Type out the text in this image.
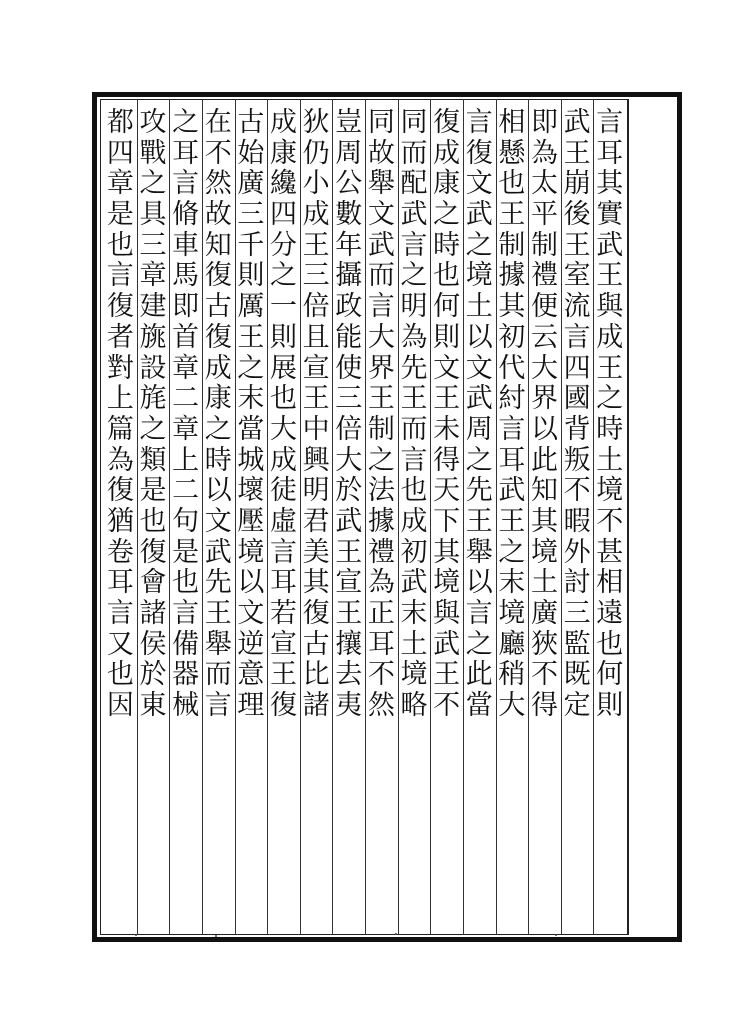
言
耳
其
實
武
王
與
成
王
之
時
土
境
不
甚
相
遠
也
何
則
武
王
崩
後
王
室
流
言
四
國
背
叛
不
暇
外
討
三
監
既
定
即
為
太
平
制
禮
便
云
大
界
以
此
知
其
境
土
廣
狹
不
得
相
懸
也
王
制
據
其
初
代
紂
言
耳
武
王
之
末
境
廳
稍
大
言
復
文
武
之
境
土
以
文
武
周
之
先
王
舉
以
言
之
此
當
復
成
康
之
時
也
何
則
文
王
未
得
天
下
其
境
與
武
王
不
同
而
配
武
言
之
明
為
先
王
而
言
也
成
初
武
末
土
境
略
同
故
舉
文
武
而
言
大
界
王
制
之
法
據
禮
為
正
耳
不
然
豈
周
公
數
年
攝
政
能
使
三
倍
大
於
武
王
宣
王
攘
去
夷
狄
仍
小
成
王
三
倍
且
宣
王
中
興
明
君
美
其
復
古
比
諸
成
康
纔
四
分
之
一
則
展
也
大
成
徒
虛
言
耳
若
宣
王
復
古
始
廣
三
千
則
厲
王
之
末
當
城
壞
壓
境
以
文
逆
意
理
在
不
然
故
知
復
古
復
成
康
之
時
以
文
武
先
王
舉
而
言
之
耳
言
脩
車
馬
即
首
章
二
章
上
二
句
是
也
言
備
器
械
攻
戰
之
具
三
章
建
旐
設
旄
之
類
是
也
復
會
諸
侯
於
東
都
四
章
是
也
言
復
者
對
上
篇
為
復
猶
卷
耳
言
又
也
因
